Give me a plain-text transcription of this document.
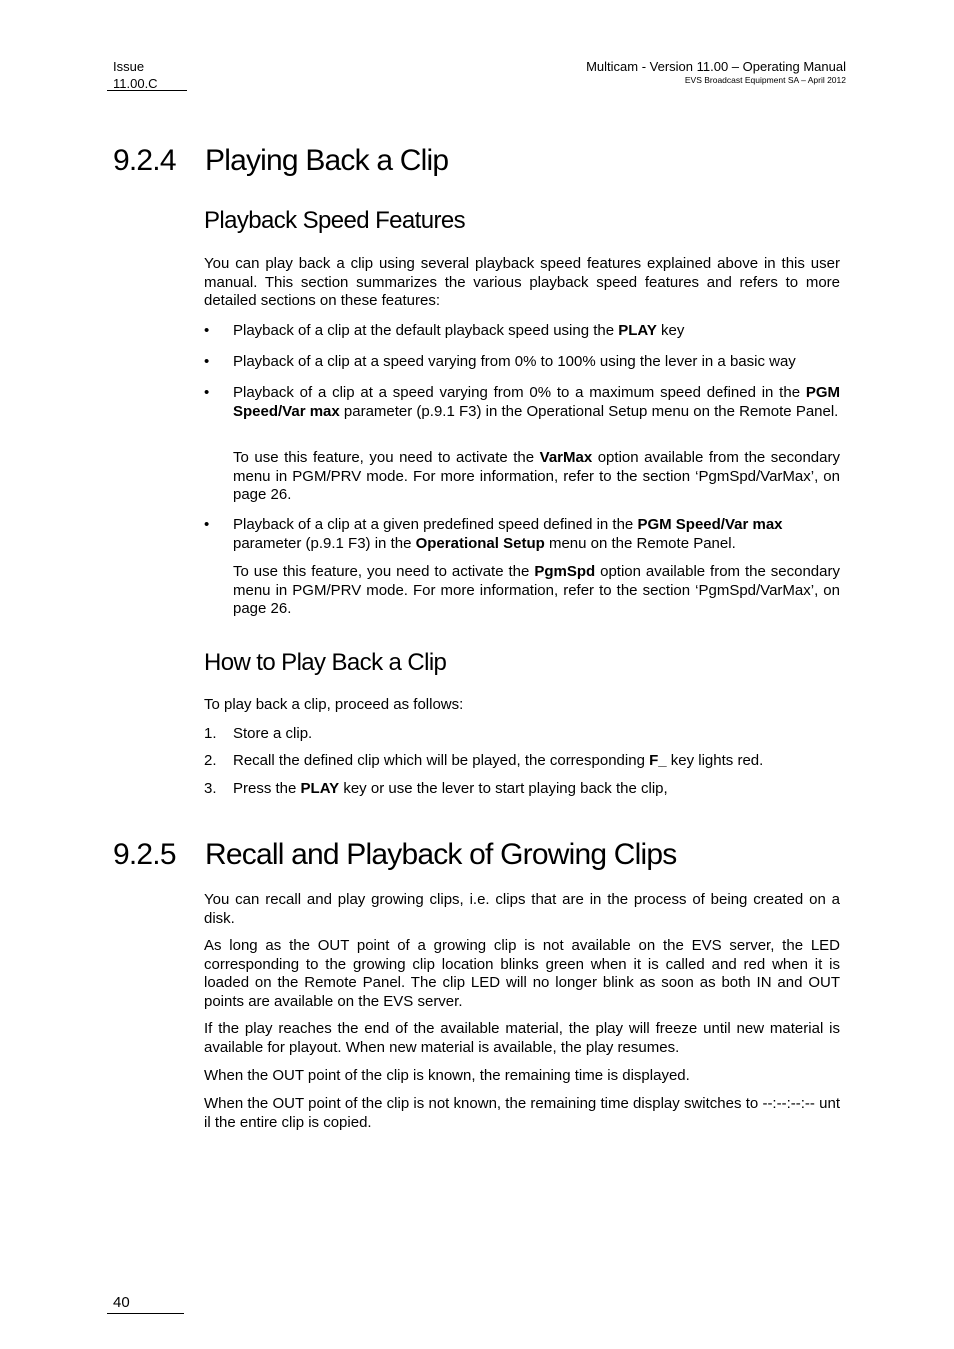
Issue
11.00.C
Multicam - Version 11.00 – Operating Manual
EVS Broadcast Equipment SA – April 2012
9.2.4 Playing Back a Clip
Playback Speed Features
You can play back a clip using several playback speed features explained above in this user manual. This section summarizes the various playback speed features and refers to more detailed sections on these features:
• Playback of a clip at the default playback speed using the PLAY key
• Playback of a clip at a speed varying from 0% to 100% using the lever in a basic way
• Playback of a clip at a speed varying from 0% to a maximum speed defined in the PGM Speed/Var max parameter (p.9.1 F3) in the Operational Setup menu on the Remote Panel.
To use this feature, you need to activate the VarMax option available from the secondary menu in PGM/PRV mode. For more information, refer to the section ‘PgmSpd/VarMax’, on page 26.
• Playback of a clip at a given predefined speed defined in the PGM Speed/Var max parameter (p.9.1 F3) in the Operational Setup menu on the Remote Panel.
To use this feature, you need to activate the PgmSpd option available from the secondary menu in PGM/PRV mode. For more information, refer to the section ‘PgmSpd/VarMax’, on page 26.
How to Play Back a Clip
To play back a clip, proceed as follows:
1. Store a clip.
2. Recall the defined clip which will be played, the corresponding F_ key lights red.
3. Press the PLAY key or use the lever to start playing back the clip,
9.2.5 Recall and Playback of Growing Clips
You can recall and play growing clips, i.e. clips that are in the process of being created on a disk.
As long as the OUT point of a growing clip is not available on the EVS server, the LED corresponding to the growing clip location blinks green when it is called and red when it is loaded on the Remote Panel. The clip LED will no longer blink as soon as both IN and OUT points are available on the EVS server.
If the play reaches the end of the available material, the play will freeze until new material is available for playout. When new material is available, the play resumes.
When the OUT point of the clip is known, the remaining time is displayed.
When the OUT point of the clip is not known, the remaining time display switches to --:--:--:-- until the entire clip is copied.
40
